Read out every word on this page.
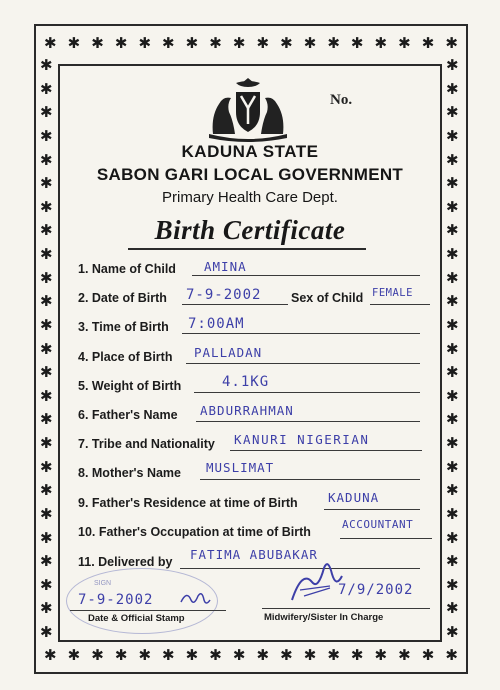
✱ ✱ ✱ ✱ ✱ ✱ ✱ ✱ ✱ ✱ ✱ ✱ ✱ ✱ ✱ ✱ ✱ ✱
✱ ✱ ✱ ✱ ✱ ✱ ✱ ✱ ✱ ✱ ✱ ✱ ✱ ✱ ✱ ✱ ✱ ✱
✱
✱
✱
✱
✱
✱
✱
✱
✱
✱
✱
✱
✱
✱
✱
✱
✱
✱
✱
✱
✱
✱
✱
✱
✱
✱
✱
✱
✱
✱
✱
✱
✱
✱
✱
✱
✱
✱
✱
✱
✱
✱
✱
✱
✱
✱
✱
✱
✱
✱
No.
KADUNA STATE
SABON GARI LOCAL GOVERNMENT
Primary Health Care Dept.
Birth Certificate
1. Name of Child AMINA
2. Date of Birth 7-9-2002 Sex of Child FEMALE
3. Time of Birth 7:00AM
4. Place of Birth PALLADAN
5. Weight of Birth	4.1KG
6. Father's Name ABDURRAHMAN
7. Tribe and Nationality KANURI NIGERIAN
8. Mother's Name MUSLIMAT
9. Father's Residence at time of Birth KADUNA
10. Father's Occupation at time of Birth
ACCOUNTANT
11. Delivered by FATIMA ABUBAKAR
SIGN
7-9-2002
Date & Official Stamp
7/9/2002
Midwifery/Sister In Charge
